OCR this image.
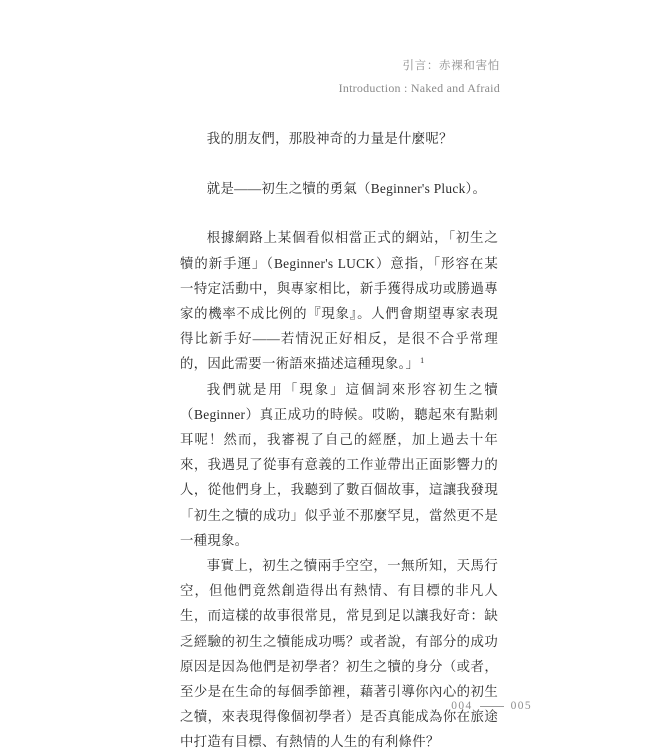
引言：赤裸和害怕
Introduction : Naked and Afraid

我的朋友們，那股神奇的力量是什麼呢？

就是——初生之犢的勇氣（Beginner's Pluck）。

根據網路上某個看似相當正式的網站，「初生之犢的新手運」（Beginner's LUCK）意指，「形容在某一特定活動中，與專家相比，新手獲得成功或勝過專家的機率不成比例的『現象』。人們會期望專家表現得比新手好——若情況正好相反，是很不合乎常理的，因此需要一術語來描述這種現象。」$^1$

我們就是用「現象」這個詞來形容初生之犢（Beginner）真正成功的時候。哎喲，聽起來有點刺耳呢！然而，我審視了自己的經歷，加上過去十年來，我遇見了從事有意義的工作並帶出正面影響力的人，從他們身上，我聽到了數百個故事，這讓我發現「初生之犢的成功」似乎並不那麼罕見，當然更不是一種現象。

事實上，初生之犢兩手空空，一無所知，天馬行空，但他們竟然創造得出有熱情、有目標的非凡人生，而這樣的故事很常見，常見到足以讓我好奇：缺乏經驗的初生之犢能成功嗎？或者說，有部分的成功原因是因為他們是初學者？初生之犢的身分（或者，至少是在生命的每個季節裡，藉著引導你內心的初生之犢，來表現得像個初學者）是否真能成為你在旅途中打造有目標、有熱情的人生的有利條件？

004	005
